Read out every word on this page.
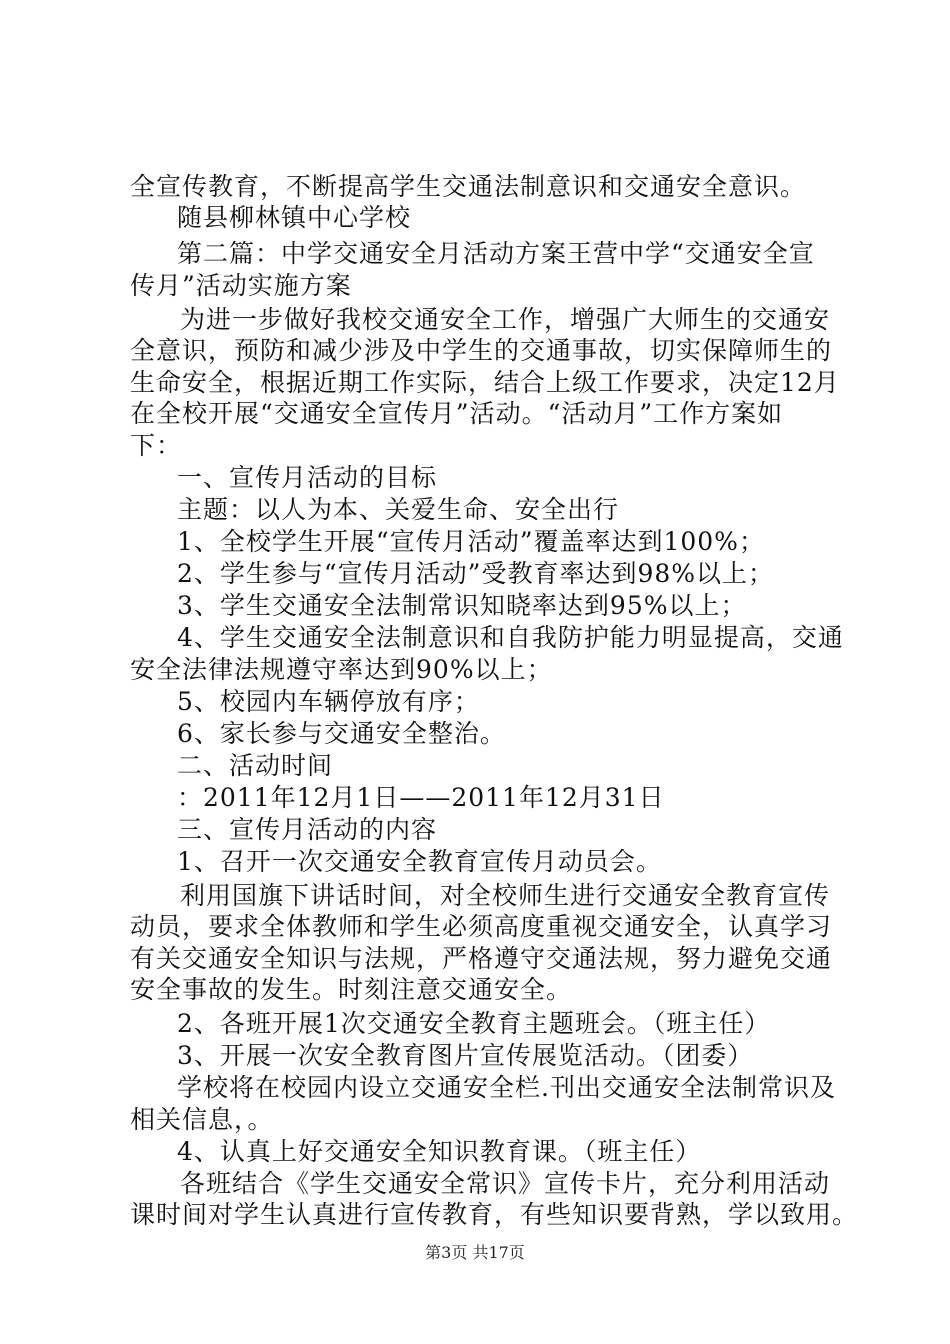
全宣传教育，不断提高学生交通法制意识和交通安全意识。
随县柳林镇中心学校
第二篇：中学交通安全月活动方案王营中学“交通安全宣
传月”活动实施方案
为进一步做好我校交通安全工作，增强广大师生的交通安
全意识，预防和减少涉及中学生的交通事故，切实保障师生的
生命安全，根据近期工作实际，结合上级工作要求，决定12月
在全校开展“交通安全宣传月”活动。“活动月”工作方案如
下：
一、宣传月活动的目标
主题：以人为本、关爱生命、安全出行
1、全校学生开展“宣传月活动”覆盖率达到100%；
2、学生参与“宣传月活动”受教育率达到98%以上；
3、学生交通安全法制常识知晓率达到95%以上；
4、学生交通安全法制意识和自我防护能力明显提高，交通
安全法律法规遵守率达到90%以上；
5、校园内车辆停放有序；
6、家长参与交通安全整治。
二、活动时间
：2011年12月1日——2011年12月31日
三、宣传月活动的内容
1、召开一次交通安全教育宣传月动员会。
利用国旗下讲话时间，对全校师生进行交通安全教育宣传
动员，要求全体教师和学生必须高度重视交通安全，认真学习
有关交通安全知识与法规，严格遵守交通法规，努力避免交通
安全事故的发生。时刻注意交通安全。
2、各班开展1次交通安全教育主题班会。（班主任）
3、开展一次安全教育图片宣传展览活动。（团委）
学校将在校园内设立交通安全栏.刊出交通安全法制常识及
相关信息，。
4、认真上好交通安全知识教育课。（班主任）
各班结合《学生交通安全常识》宣传卡片，充分利用活动
课时间对学生认真进行宣传教育，有些知识要背熟，学以致用。
第3页 共17页
